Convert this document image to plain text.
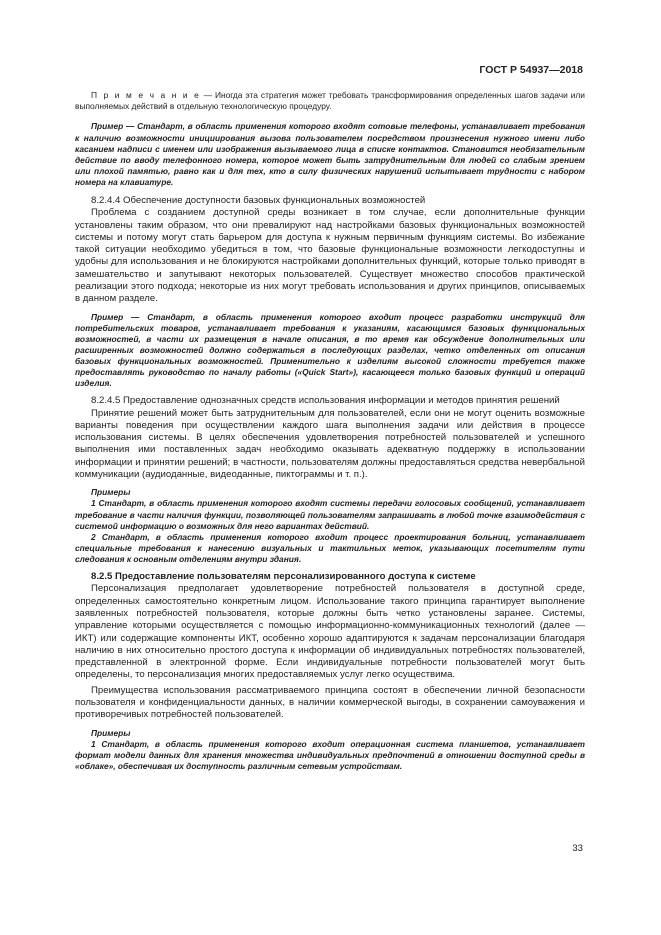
ГОСТ Р 54937—2018

П р и м е ч а н и е — Иногда эта стратегия может требовать трансформирования определенных шагов задачи или выполняемых действий в отдельную технологическую процедуру.

Пример — Стандарт, в область применения которого входят сотовые телефоны, устанавливает требования к наличию возможности инициирования вызова пользователем посредством произнесения нужного имени либо касанием надписи с именем или изображения вызываемого лица в списке контактов. Становится необязательным действие по вводу телефонного номера, которое может быть затруднительным для людей со слабым зрением или плохой памятью, равно как и для тех, кто в силу физических нарушений испытывает трудности с набором номера на клавиатуре.

8.2.4.4 Обеспечение доступности базовых функциональных возможностей

Проблема с созданием доступной среды возникает в том случае, если дополнительные функции установлены таким образом, что они превалируют над настройками базовых функциональных возможностей системы и потому могут стать барьером для доступа к нужным первичным функциям системы. Во избежание такой ситуации необходимо убедиться в том, что базовые функциональные возможности легкодоступны и удобны для использования и не блокируются настройками дополнительных функций, которые только приводят в замешательство и запутывают некоторых пользователей. Существует множество способов практической реализации этого подхода; некоторые из них могут требовать использования и других принципов, описываемых в данном разделе.

Пример — Стандарт, в область применения которого входит процесс разработки инструкций для потребительских товаров, устанавливает требования к указаниям, касающимся базовых функциональных возможностей, в части их размещения в начале описания, в то время как обсуждение дополнительных или расширенных возможностей должно содержаться в последующих разделах, четко отделенных от описания базовых функциональных возможностей. Применительно к изделиям высокой сложности требуется также предоставлять руководство по началу работы («Quick Start»), касающееся только базовых функций и операций изделия.

8.2.4.5 Предоставление однозначных средств использования информации и методов принятия решений

Принятие решений может быть затруднительным для пользователей, если они не могут оценить возможные варианты поведения при осуществлении каждого шага выполнения задачи или действия в процессе использования системы. В целях обеспечения удовлетворения потребностей пользователей и успешного выполнения ими поставленных задач необходимо оказывать адекватную поддержку в использовании информации и принятии решений; в частности, пользователям должны предоставляться средства невербальной коммуникации (аудиоданные, видеоданные, пиктограммы и т. п.).

Примеры

1 Стандарт, в область применения которого входят системы передачи голосовых сообщений, устанавливает требование в части наличия функции, позволяющей пользователям запрашивать в любой точке взаимодействия с системой информацию о возможных для него вариантах действий.

2 Стандарт, в область применения которого входит процесс проектирования больниц, устанавливает специальные требования к нанесению визуальных и тактильных меток, указывающих посетителям пути следования к основным отделениям внутри здания.

8.2.5 Предоставление пользователям персонализированного доступа к системе

Персонализация предполагает удовлетворение потребностей пользователя в доступной среде, определенных самостоятельно конкретным лицом. Использование такого принципа гарантирует выполнение заявленных потребностей пользователя, которые должны быть четко установлены заранее. Системы, управление которыми осуществляется с помощью информационно-коммуникационных технологий (далее — ИКТ) или содержащие компоненты ИКТ, особенно хорошо адаптируются к задачам персонализации благодаря наличию в них относительно простого доступа к информации об индивидуальных потребностях пользователей, представленной в электронной форме. Если индивидуальные потребности пользователей могут быть определены, то персонализация многих предоставляемых услуг легко осуществима.

Преимущества использования рассматриваемого принципа состоят в обеспечении личной безопасности пользователя и конфиденциальности данных, в наличии коммерческой выгоды, в сохранении самоуважения и противоречивых потребностей пользователей.

Примеры

1 Стандарт, в область применения которого входит операционная система планшетов, устанавливает формат модели данных для хранения множества индивидуальных предпочтений в отношении доступной среды в «облаке», обеспечивая их доступность различным сетевым устройствам.

33
